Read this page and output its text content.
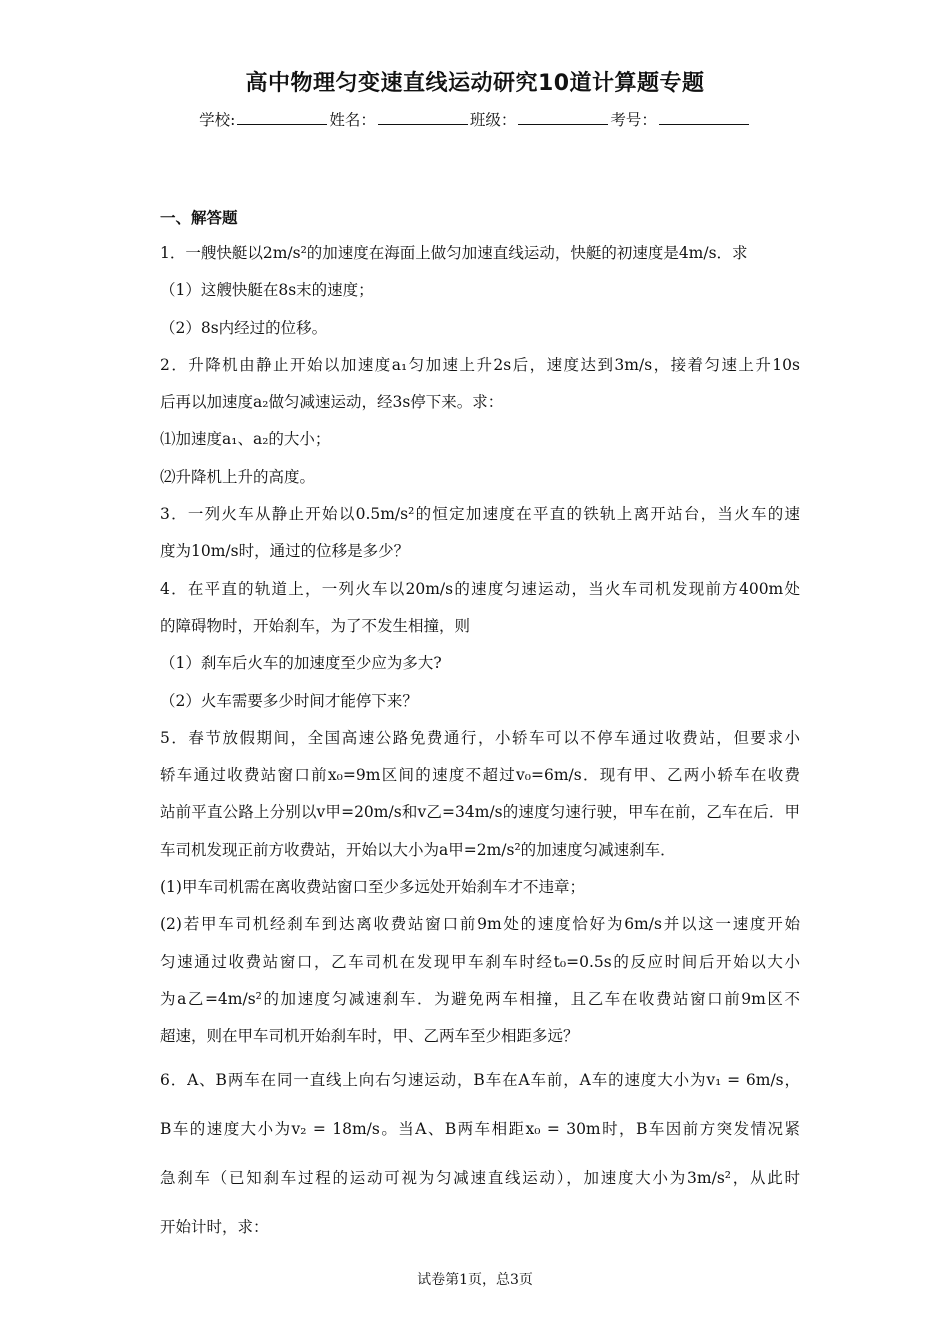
高中物理匀变速直线运动研究10道计算题专题
学校:	姓名：	班级：	考号：
一、解答题
1．一艘快艇以2m/s²的加速度在海面上做匀加速直线运动，快艇的初速度是4m/s．求
（1）这艘快艇在8s末的速度；
（2）8s内经过的位移。
2．升降机由静止开始以加速度a₁匀加速上升2s后，速度达到3m/s，接着匀速上升10s
后再以加速度a₂做匀减速运动，经3s停下来。求：
⑴加速度a₁、a₂的大小；
⑵升降机上升的高度。
3．一列火车从静止开始以0.5m/s²的恒定加速度在平直的铁轨上离开站台，当火车的速
度为10m/s时，通过的位移是多少？
4．在平直的轨道上，一列火车以20m/s的速度匀速运动，当火车司机发现前方400m处
的障碍物时，开始刹车，为了不发生相撞，则
（1）刹车后火车的加速度至少应为多大?
（2）火车需要多少时间才能停下来？
5．春节放假期间，全国高速公路免费通行，小轿车可以不停车通过收费站，但要求小
轿车通过收费站窗口前x₀=9m区间的速度不超过v₀=6m/s．现有甲、乙两小轿车在收费
站前平直公路上分别以v甲=20m/s和v乙=34m/s的速度匀速行驶，甲车在前，乙车在后．甲
车司机发现正前方收费站，开始以大小为a甲=2m/s²的加速度匀减速刹车．
(1)甲车司机需在离收费站窗口至少多远处开始刹车才不违章；
(2)若甲车司机经刹车到达离收费站窗口前9m处的速度恰好为6m/s并以这一速度开始
匀速通过收费站窗口，乙车司机在发现甲车刹车时经t₀=0.5s的反应时间后开始以大小
为a乙=4m/s²的加速度匀减速刹车．为避免两车相撞，且乙车在收费站窗口前9m区不
超速，则在甲车司机开始刹车时，甲、乙两车至少相距多远？
6．A、B两车在同一直线上向右匀速运动，B车在A车前，A车的速度大小为v₁ = 6m/s，
B车的速度大小为v₂ = 18m/s。当A、B两车相距x₀ = 30m时，B车因前方突发情况紧
急刹车（已知刹车过程的运动可视为匀减速直线运动），加速度大小为3m/s²，从此时
开始计时，求：
试卷第1页，总3页
